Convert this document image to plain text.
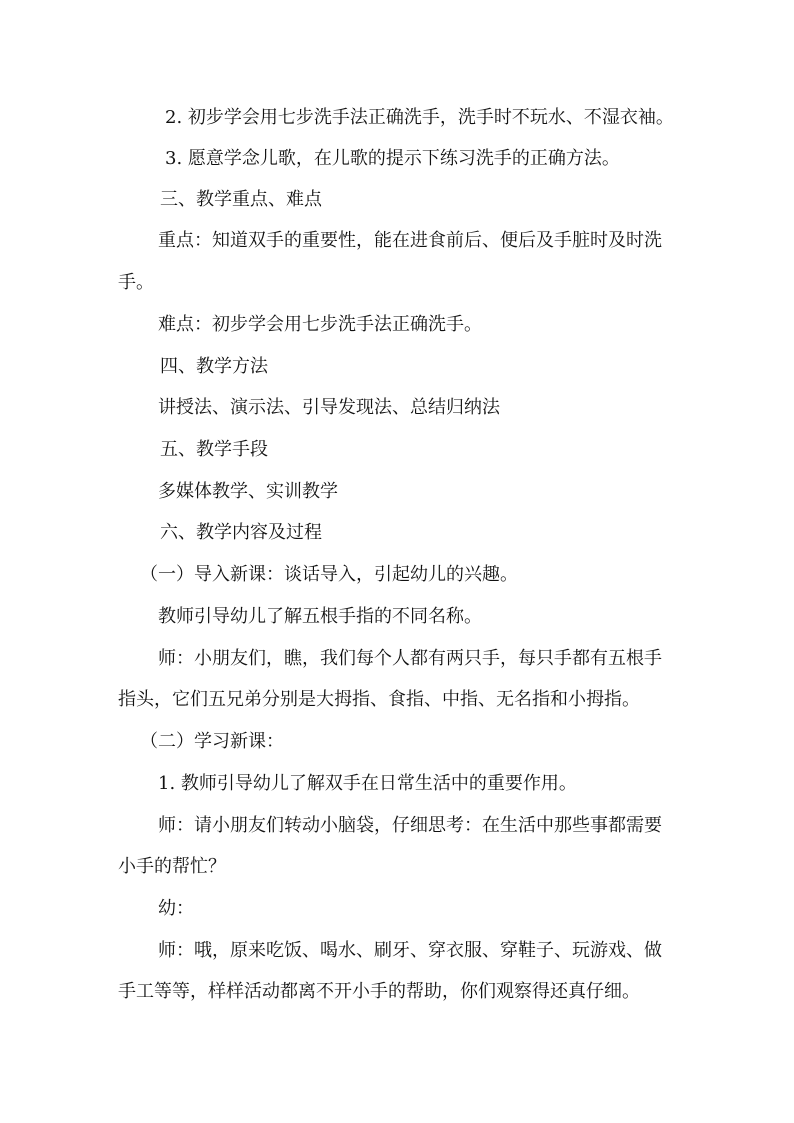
2. 初步学会用七步洗手法正确洗手，洗手时不玩水、不湿衣袖。

3. 愿意学念儿歌，在儿歌的提示下练习洗手的正确方法。

三、教学重点、难点

重点：知道双手的重要性，能在进食前后、便后及手脏时及时洗

手。

难点：初步学会用七步洗手法正确洗手。

四、教学方法

讲授法、演示法、引导发现法、总结归纳法

五、教学手段

多媒体教学、实训教学

六、教学内容及过程

（一）导入新课：谈话导入，引起幼儿的兴趣。

教师引导幼儿了解五根手指的不同名称。

师：小朋友们，瞧，我们每个人都有两只手，每只手都有五根手

指头，它们五兄弟分别是大拇指、食指、中指、无名指和小拇指。

（二）学习新课：

1. 教师引导幼儿了解双手在日常生活中的重要作用。

师：请小朋友们转动小脑袋，仔细思考：在生活中那些事都需要

小手的帮忙？

幼：

师：哦，原来吃饭、喝水、刷牙、穿衣服、穿鞋子、玩游戏、做

手工等等，样样活动都离不开小手的帮助，你们观察得还真仔细。
